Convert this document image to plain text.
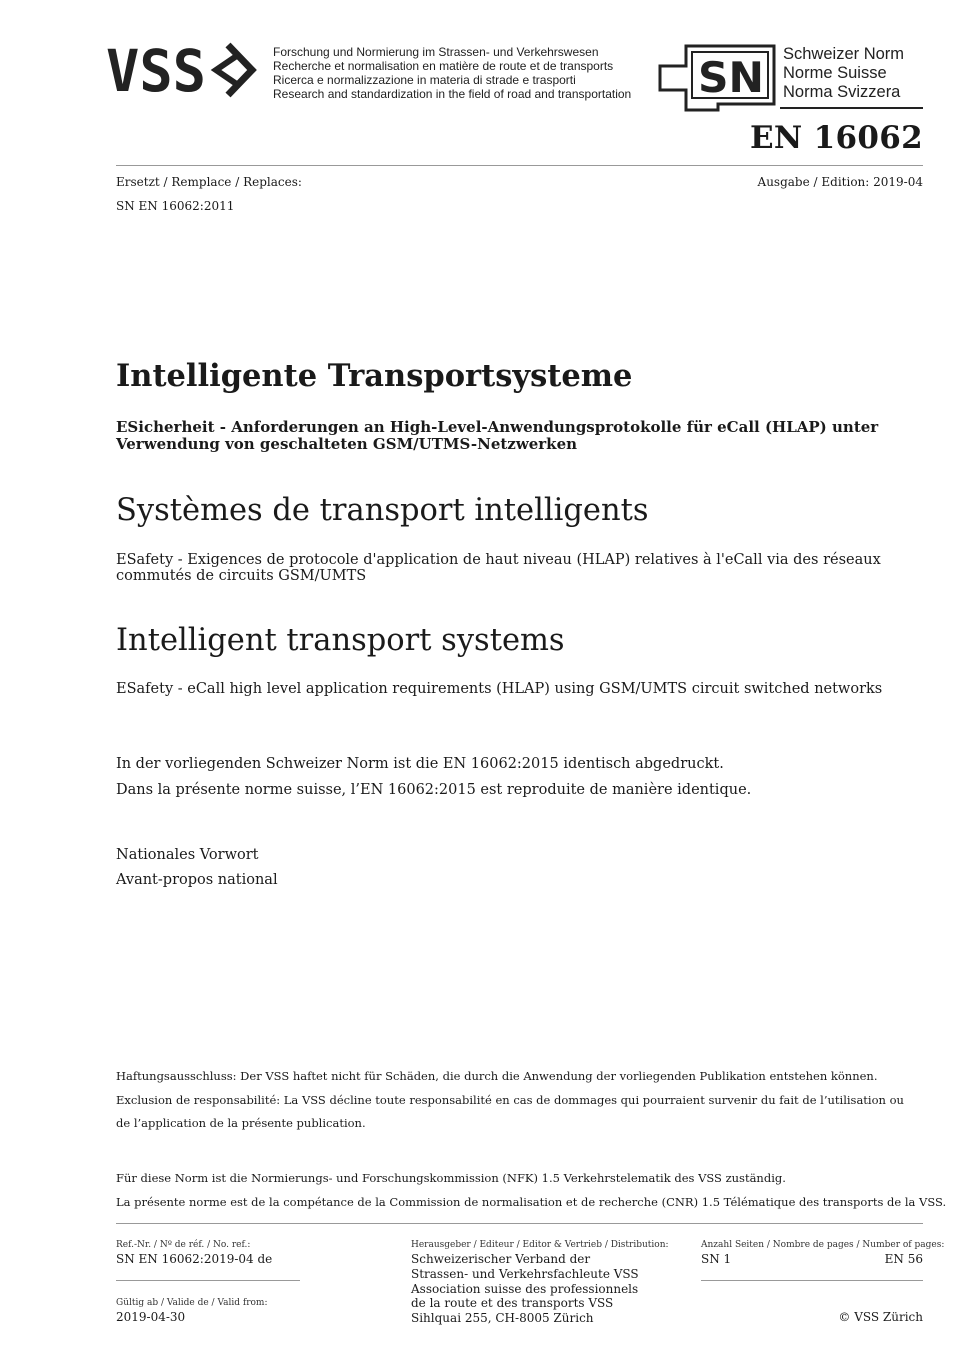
VSS	Forschung und Normierung im Strassen- und Verkehrswesen
Recherche et normalisation en matière de route et de transports
Ricerca e normalizzazione in materia di strade e trasporti
Research and standardization in the field of road and transportation SN Schweizer Norm
Norme Suisse
Norma Svizzera
EN 16062
Ersetzt / Remplace / Replaces:
SN EN 16062:2011
Ausgabe / Edition: 2019-04
Intelligente Transportsysteme
ESicherheit - Anforderungen an High-Level-Anwendungsprotokolle für eCall (HLAP) unter Verwendung von geschalteten GSM/UTMS-Netzwerken
Systèmes de transport intelligents
ESafety - Exigences de protocole d'application de haut niveau (HLAP) relatives à l'eCall via des réseaux commutés de circuits GSM/UMTS
Intelligent transport systems
ESafety - eCall high level application requirements (HLAP) using GSM/UMTS circuit switched networks
In der vorliegenden Schweizer Norm ist die EN 16062:2015 identisch abgedruckt.
Dans la présente norme suisse, l’EN 16062:2015 est reproduite de manière identique.
Nationales Vorwort
Avant-propos national
Haftungsausschluss: Der VSS haftet nicht für Schäden, die durch die Anwendung der vorliegenden Publikation entstehen können.
Exclusion de responsabilité: La VSS décline toute responsabilité en cas de dommages qui pourraient survenir du fait de l’utilisation ou
de l’application de la présente publication.
Für diese Norm ist die Normierungs- und Forschungskommission (NFK) 1.5 Verkehrstelematik des VSS zuständig.
La présente norme est de la compétance de la Commission de normalisation et de recherche (CNR) 1.5 Télématique des transports de la VSS.
Ref.-Nr. / Nº de réf. / No. ref.:
SN EN 16062:2019-04 de
Gültig ab / Valide de / Valid from:
2019-04-30
Herausgeber / Editeur / Editor & Vertrieb / Distribution:
Schweizerischer Verband der
Strassen- und Verkehrsfachleute VSS
Association suisse des professionnels
de la route et des transports VSS
Sihlquai 255, CH-8005 Zürich
Anzahl Seiten / Nombre de pages / Number of pages:
SN 1	EN 56
© VSS Zürich
